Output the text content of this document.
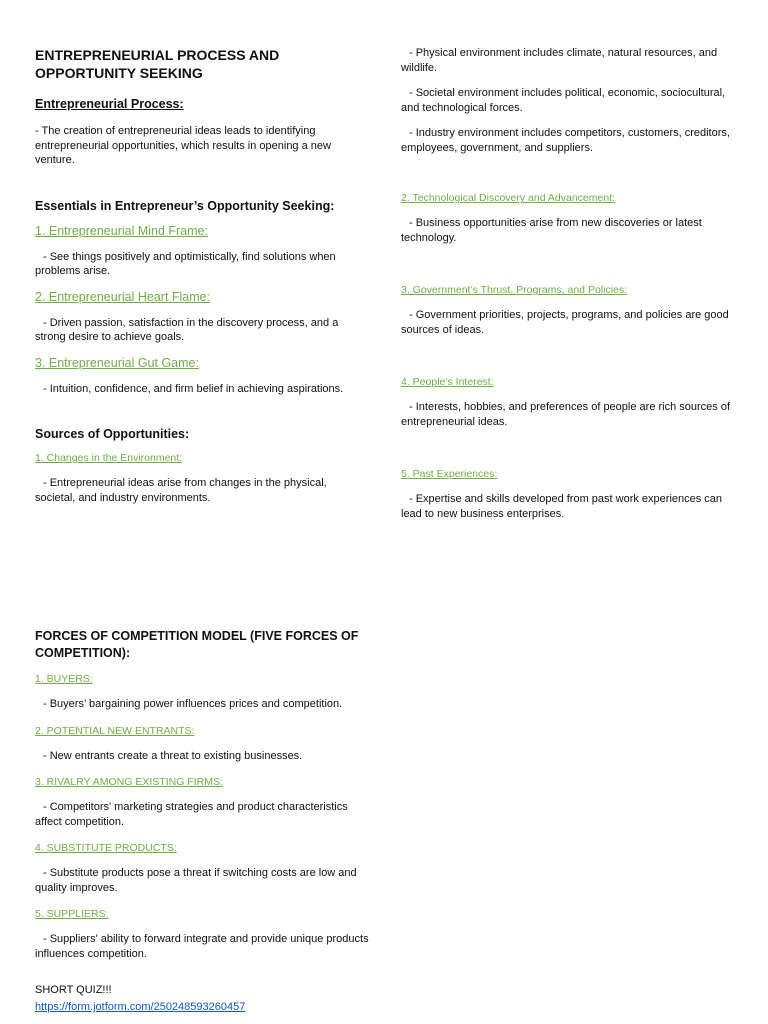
ENTREPRENEURIAL PROCESS AND OPPORTUNITY SEEKING
Entrepreneurial Process:

- The creation of entrepreneurial ideas leads to identifying entrepreneurial opportunities, which results in opening a new venture.

Essentials in Entrepreneur’s Opportunity Seeking:
1. Entrepreneurial Mind Frame:

- See things positively and optimistically, find solutions when problems arise.

2. Entrepreneurial Heart Flame:

- Driven passion, satisfaction in the discovery process, and a strong desire to achieve goals.

3. Entrepreneurial Gut Game:

- Intuition, confidence, and firm belief in achieving aspirations.

Sources of Opportunities:
1. Changes in the Environment:

- Entrepreneurial ideas arise from changes in the physical, societal, and industry environments.

- Physical environment includes climate, natural resources, and wildlife.

- Societal environment includes political, economic, sociocultural, and technological forces.

- Industry environment includes competitors, customers, creditors, employees, government, and suppliers.

2. Technological Discovery and Advancement:

- Business opportunities arise from new discoveries or latest technology.

3. Government’s Thrust, Programs, and Policies:

- Government priorities, projects, programs, and policies are good sources of ideas.

4. People’s Interest:

- Interests, hobbies, and preferences of people are rich sources of entrepreneurial ideas.

5. Past Experiences:

- Expertise and skills developed from past work experiences can lead to new business enterprises.

FORCES OF COMPETITION MODEL (FIVE FORCES OF COMPETITION):
1. BUYERS:

- Buyers’ bargaining power influences prices and competition.

2. POTENTIAL NEW ENTRANTS:

- New entrants create a threat to existing businesses.

3. RIVALRY AMONG EXISTING FIRMS:

- Competitors' marketing strategies and product characteristics affect competition.

4. SUBSTITUTE PRODUCTS:

- Substitute products pose a threat if switching costs are low and quality improves.

5. SUPPLIERS:

- Suppliers' ability to forward integrate and provide unique products influences competition.

SHORT QUIZ!!!
https://form.jotform.com/250248593260457
